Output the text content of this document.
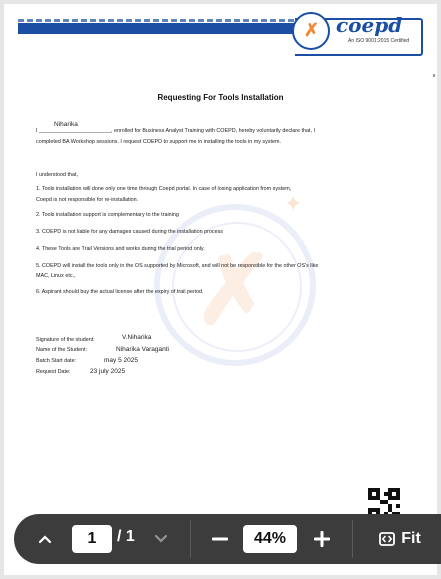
✗ coepd
An ISO 9001:2015 Certified
✗
✦
Requesting For Tools Installation
Niharika
I ________________________, enrolled for Business Analyst Training with COEPD, hereby voluntarily declare that, I
completed BA Workshop sessions. I request COEPD to support me in installing the tools in my system.
I understood that,
1. Tools installation will done only one time through Coepd portal. In case of losing application from system,
Coepd is not responsible for re-installation.
2. Tools installation support is complementary to the training
3. COEPD is not liable for any damages caused during the installation process
4. These Tools are Trail Versions and works during the trial period only.
5. COEPD will install the tools only in the OS supported by Microsoft, and will not be responsible for the other OS's like
MAC, Linux etc.,
6. Aspirant should buy the actual license after the expiry of trail period.
Signature of the student:	V.Niharika
Name of the Student:	Niharika Varaganti
Batch Start date:	may 5 2025
Request Date:	23 july 2025
1	/ 1	44%	Fit
